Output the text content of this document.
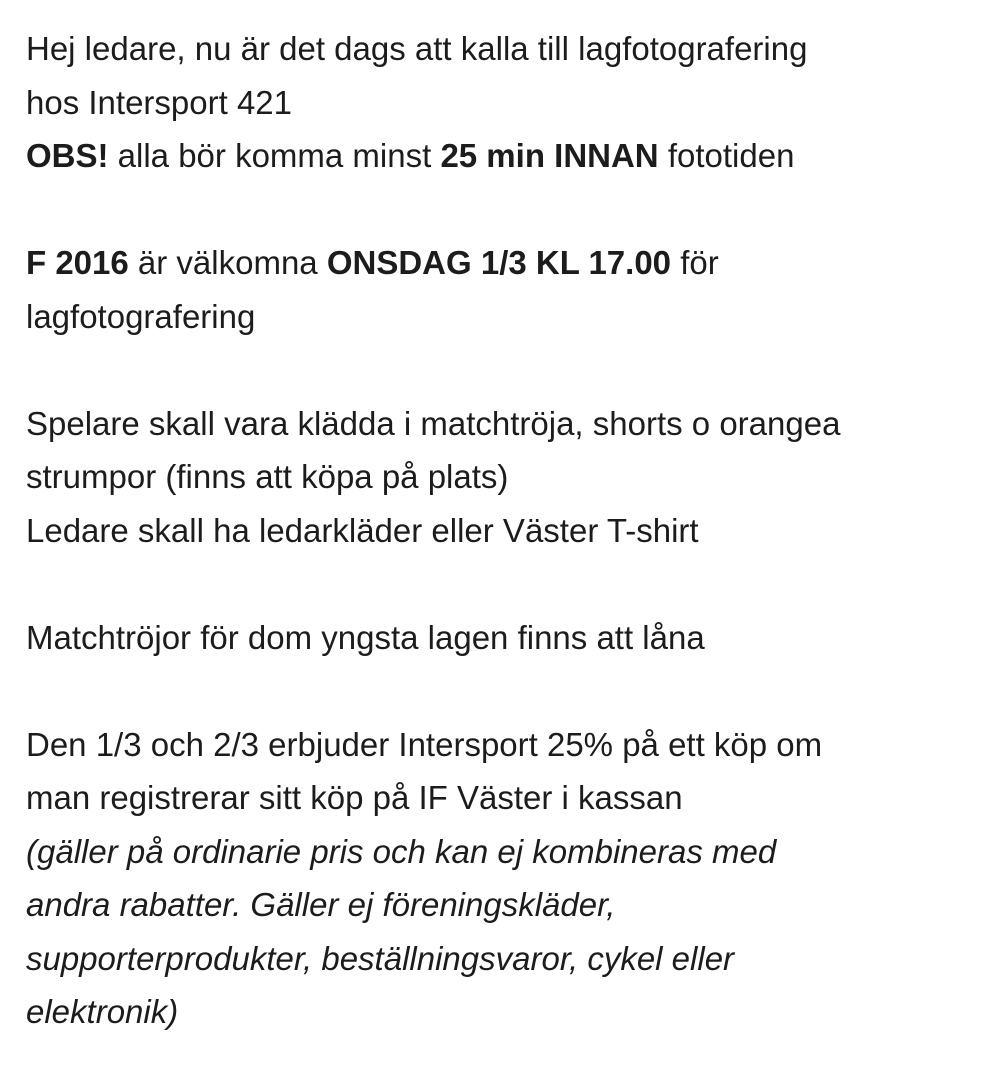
Hej ledare, nu är det dags att kalla till lagfotografering

hos Intersport 421

OBS! alla bör komma minst 25 min INNAN fototiden

F 2016 är välkomna ONSDAG 1/3 KL 17.00 för

lagfotografering

Spelare skall vara klädda i matchtröja, shorts o orangea

strumpor (finns att köpa på plats)

Ledare skall ha ledarkläder eller Väster T-shirt

Matchtröjor för dom yngsta lagen finns att låna

Den 1/3 och 2/3 erbjuder Intersport 25% på ett köp om

man registrerar sitt köp på IF Väster i kassan

(gäller på ordinarie pris och kan ej kombineras med

andra rabatter. Gäller ej föreningskläder,

supporterprodukter, beställningsvaror, cykel eller

elektronik)
